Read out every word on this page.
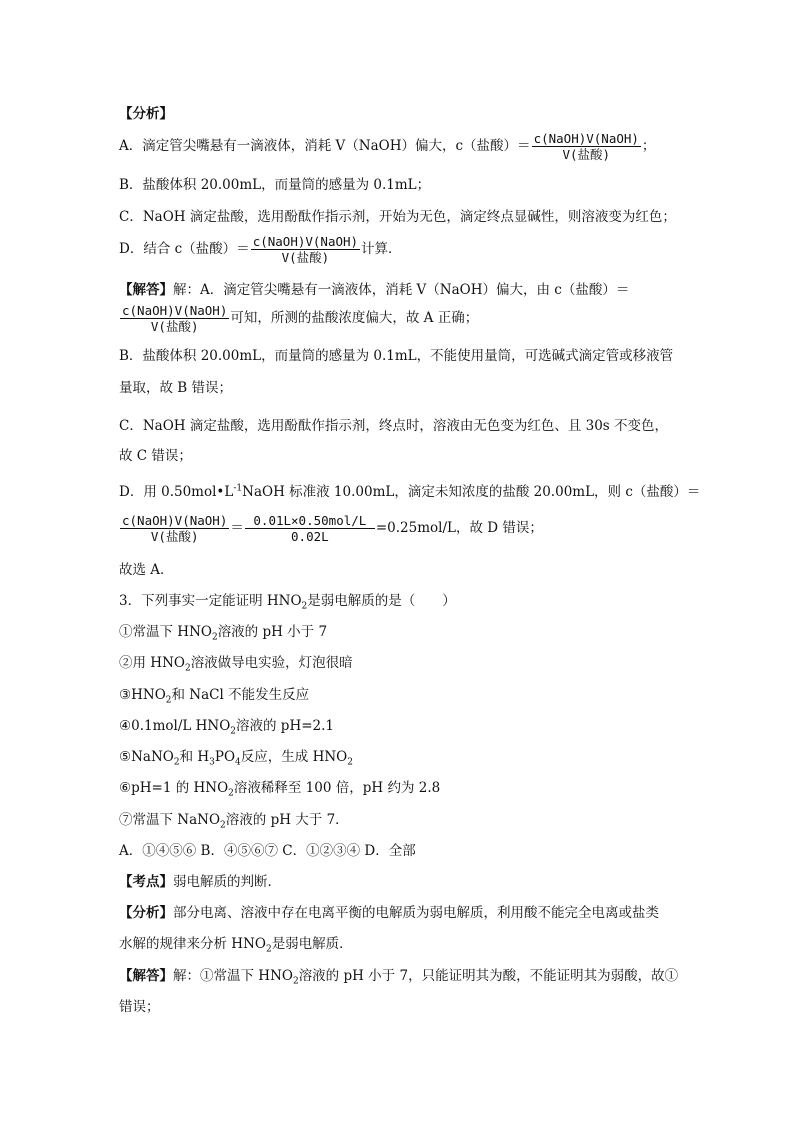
【分析】
A．滴定管尖嘴悬有一滴液体，消耗 V（NaOH）偏大，c（盐酸）＝ $\frac{\text{c(NaOH)V(NaOH)}}{\text{V(盐酸)}}$ ；
B．盐酸体积 20.00mL，而量筒的感量为 0.1mL；
C．NaOH 滴定盐酸，选用酚酞作指示剂，开始为无色，滴定终点显碱性，则溶液变为红色；
D．结合 c（盐酸）＝ $\frac{\text{c(NaOH)V(NaOH)}}{\text{V(盐酸)}}$ 计算．
【解答】解：A．滴定管尖嘴悬有一滴液体，消耗 V（NaOH）偏大，由 c（盐酸）＝
$\frac{\text{c(NaOH)V(NaOH)}}{\text{V(盐酸)}}$ 可知，所测的盐酸浓度偏大，故 A 正确；
B．盐酸体积 20.00mL，而量筒的感量为 0.1mL，不能使用量筒，可选碱式滴定管或移液管
量取，故 B 错误；
C．NaOH 滴定盐酸，选用酚酞作指示剂，终点时，溶液由无色变为红色、且 30s 不变色，
故 C 错误；
D．用 $0.50mol•L^{-1}NaOH$ 标准液 10.00mL，滴定未知浓度的盐酸 20.00mL，则 c（盐酸）＝
$\frac{\text{c(NaOH)V(NaOH)}}{\text{V(盐酸)}} = \frac{\text{0.01L×0.50mol/L}}{0.02L} =0.25mol/L$，故 D 错误；
故选 A．
3．下列事实一定能证明 $HNO_2$是弱电解质的是（　　）
①常温下 $HNO_2$溶液的 pH 小于 7
②用 $HNO_2$溶液做导电实验，灯泡很暗
$③HNO_2$和 NaCl 不能发生反应
④0.1mol/L $HNO_2$溶液的 pH=2.1
⑤NaNO$_2$和 $H_3PO_4$反应，生成 $HNO_2$
⑥pH=1 的 $HNO_2$溶液稀释至 100 倍，pH 约为 2.8
⑦常温下 NaNO$_2$溶液的 pH 大于 7．
A．①④⑤⑥ B．④⑤⑥⑦ C．①②③④ D．全部
【考点】弱电解质的判断．
【分析】部分电离、溶液中存在电离平衡的电解质为弱电解质，利用酸不能完全电离或盐类
水解的规律来分析 $HNO_2$是弱电解质．
【解答】解：①常温下 $HNO_2$溶液的 pH 小于 7，只能证明其为酸，不能证明其为弱酸，故①
错误；
